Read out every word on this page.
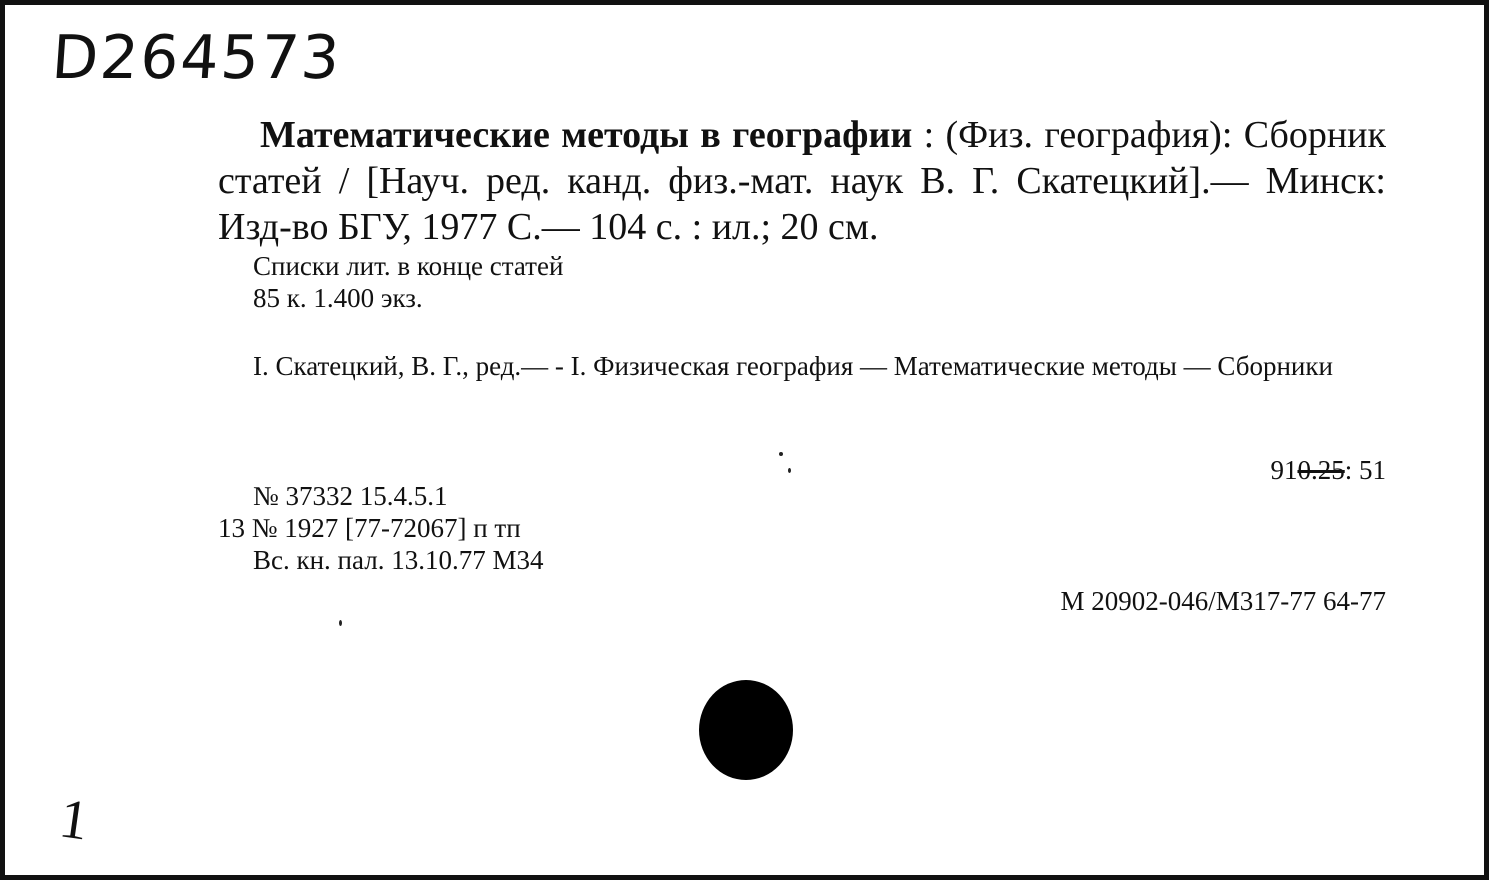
D264573
Математические методы в географии : (Физ. география): Сборник статей / [Науч. ред. канд. физ.-мат. наук В. Г. Скатецкий].— Минск: Изд-во БГУ, 1977 С.— 104 с. : ил.; 20 см.
Списки лит. в конце статей
85 к. 1.400 экз.
I. Скатецкий, В. Г., ред.— - I. Физическая география — Математические методы — Сборники
910.25: 51
№ 37332 15.4.5.1
13 № 1927 [77-72067] п тп
Вс. кн. пал. 13.10.77 М34
М 20902-046/М317-77 64-77
1
